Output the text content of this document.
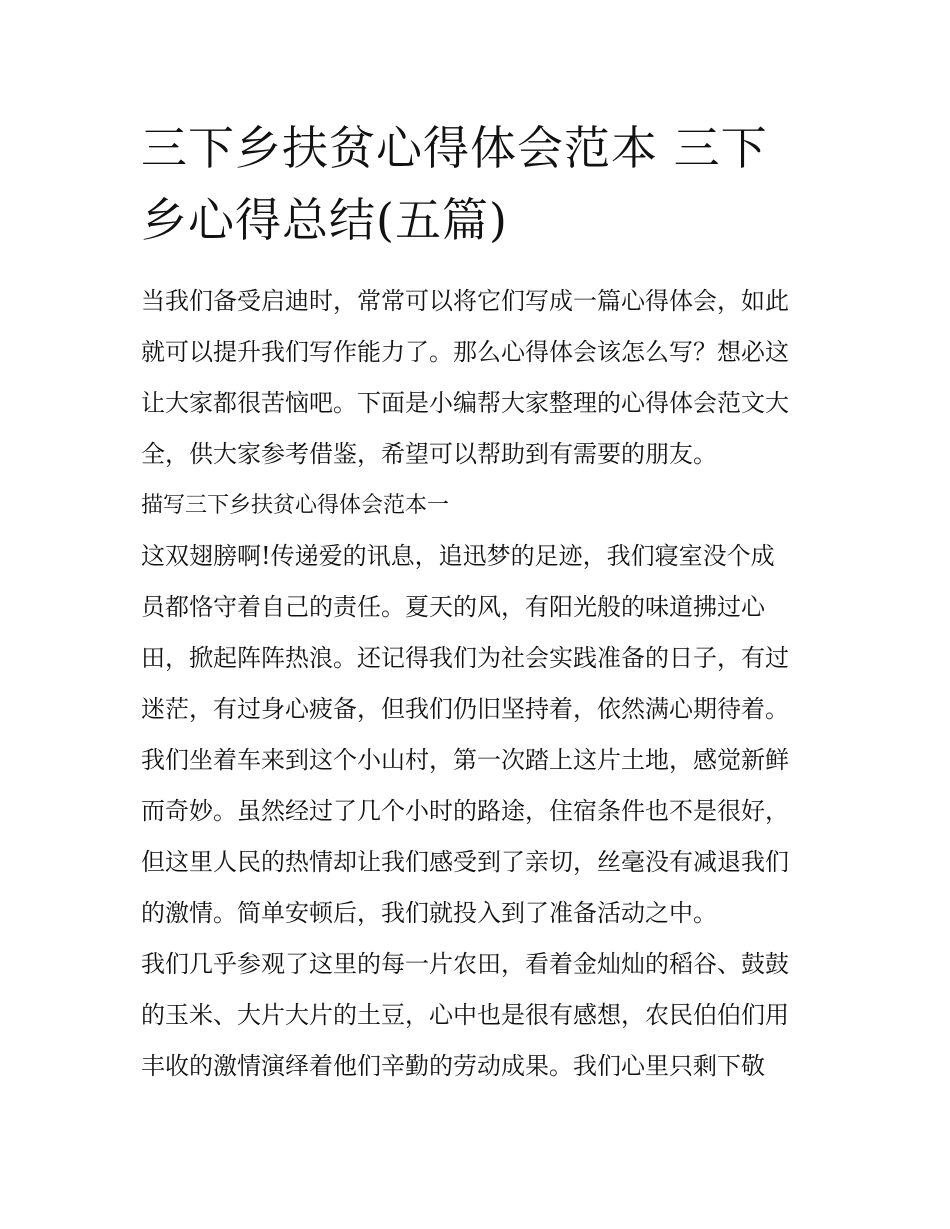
三下乡扶贫心得体会范本 三下
乡心得总结(五篇)

当我们备受启迪时，常常可以将它们写成一篇心得体会，如此
就可以提升我们写作能力了。那么心得体会该怎么写？想必这
让大家都很苦恼吧。下面是小编帮大家整理的心得体会范文大
全，供大家参考借鉴，希望可以帮助到有需要的朋友。

描写三下乡扶贫心得体会范本一

这双翅膀啊!传递爱的讯息，追迅梦的足迹，我们寝室没个成
员都恪守着自己的责任。夏天的风，有阳光般的味道拂过心
田，掀起阵阵热浪。还记得我们为社会实践准备的日子，有过
迷茫，有过身心疲备，但我们仍旧坚持着，依然满心期待着。
我们坐着车来到这个小山村，第一次踏上这片土地，感觉新鲜
而奇妙。虽然经过了几个小时的路途，住宿条件也不是很好，
但这里人民的热情却让我们感受到了亲切，丝毫没有减退我们
的激情。简单安顿后，我们就投入到了准备活动之中。

我们几乎参观了这里的每一片农田，看着金灿灿的稻谷、鼓鼓
的玉米、大片大片的土豆，心中也是很有感想，农民伯伯们用
丰收的激情演绎着他们辛勤的劳动成果。我们心里只剩下敬
